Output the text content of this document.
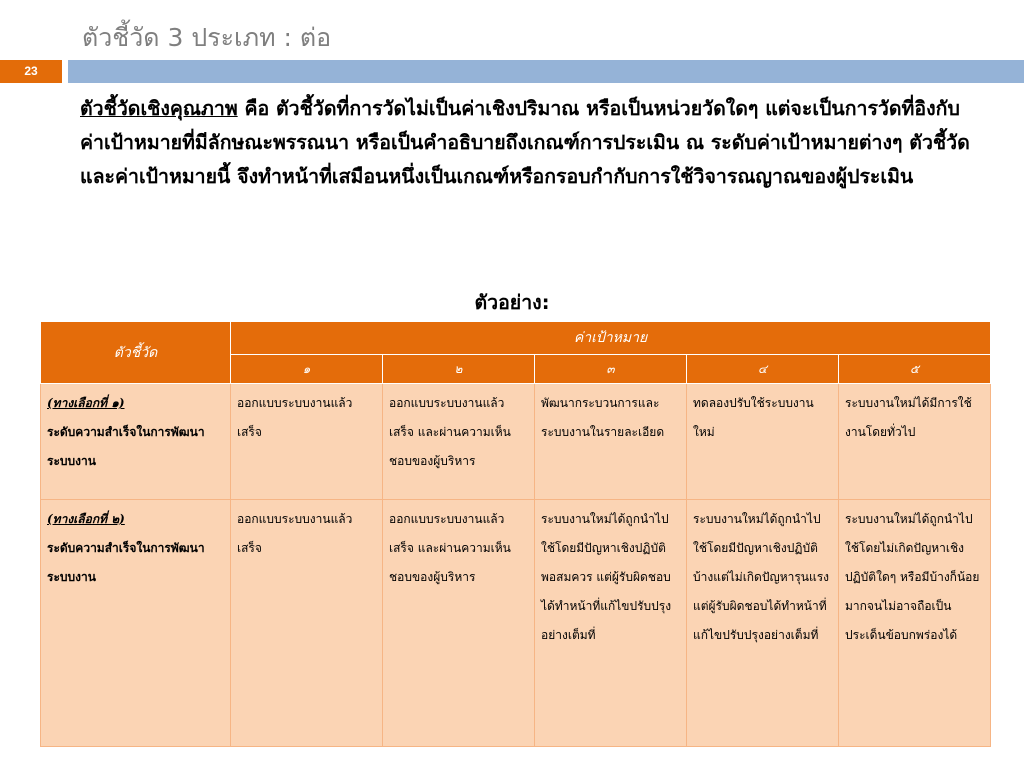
ตัวชี้วัด 3 ประเภท : ต่อ
23

ตัวชี้วัดเชิงคุณภาพ คือ ตัวชี้วัดที่การวัดไม่เป็นค่าเชิงปริมาณ หรือเป็นหน่วยวัดใดๆ แต่จะเป็นการวัดที่อิงกับค่าเป้าหมายที่มีลักษณะพรรณนา หรือเป็นคำอธิบายถึงเกณฑ์การประเมิน ณ ระดับค่าเป้าหมายต่างๆ ตัวชี้วัดและค่าเป้าหมายนี้ จึงทำหน้าที่เสมือนหนึ่งเป็นเกณฑ์หรือกรอบกำกับการใช้วิจารณญาณของผู้ประเมิน

ตัวอย่าง:
ตัวชี้วัด	ค่าเป้าหมาย				
	๑	๒	๓	๔	๕

(ทางเลือกที่ ๑)
ระดับความสำเร็จในการพัฒนาระบบงาน	ออกแบบระบบงานแล้วเสร็จ	ออกแบบระบบงานแล้วเสร็จ และผ่านความเห็นชอบของผู้บริหาร	พัฒนากระบวนการและระบบงานในรายละเอียด	ทดลองปรับใช้ระบบงานใหม่	ระบบงานใหม่ได้มีการใช้งานโดยทั่วไป

(ทางเลือกที่ ๒)
ระดับความสำเร็จในการพัฒนาระบบงาน	ออกแบบระบบงานแล้วเสร็จ	ออกแบบระบบงานแล้วเสร็จ และผ่านความเห็นชอบของผู้บริหาร	ระบบงานใหม่ได้ถูกนำไปใช้โดยมีปัญหาเชิงปฏิบัติพอสมควร แต่ผู้รับผิดชอบได้ทำหน้าที่แก้ไขปรับปรุงอย่างเต็มที่	ระบบงานใหม่ได้ถูกนำไปใช้โดยมีปัญหาเชิงปฏิบัติบ้างแต่ไม่เกิดปัญหารุนแรง แต่ผู้รับผิดชอบได้ทำหน้าที่แก้ไขปรับปรุงอย่างเต็มที่	ระบบงานใหม่ได้ถูกนำไปใช้โดยไม่เกิดปัญหาเชิงปฏิบัติใดๆ หรือมีบ้างก็น้อยมากจนไม่อาจถือเป็นประเด็นข้อบกพร่องได้
